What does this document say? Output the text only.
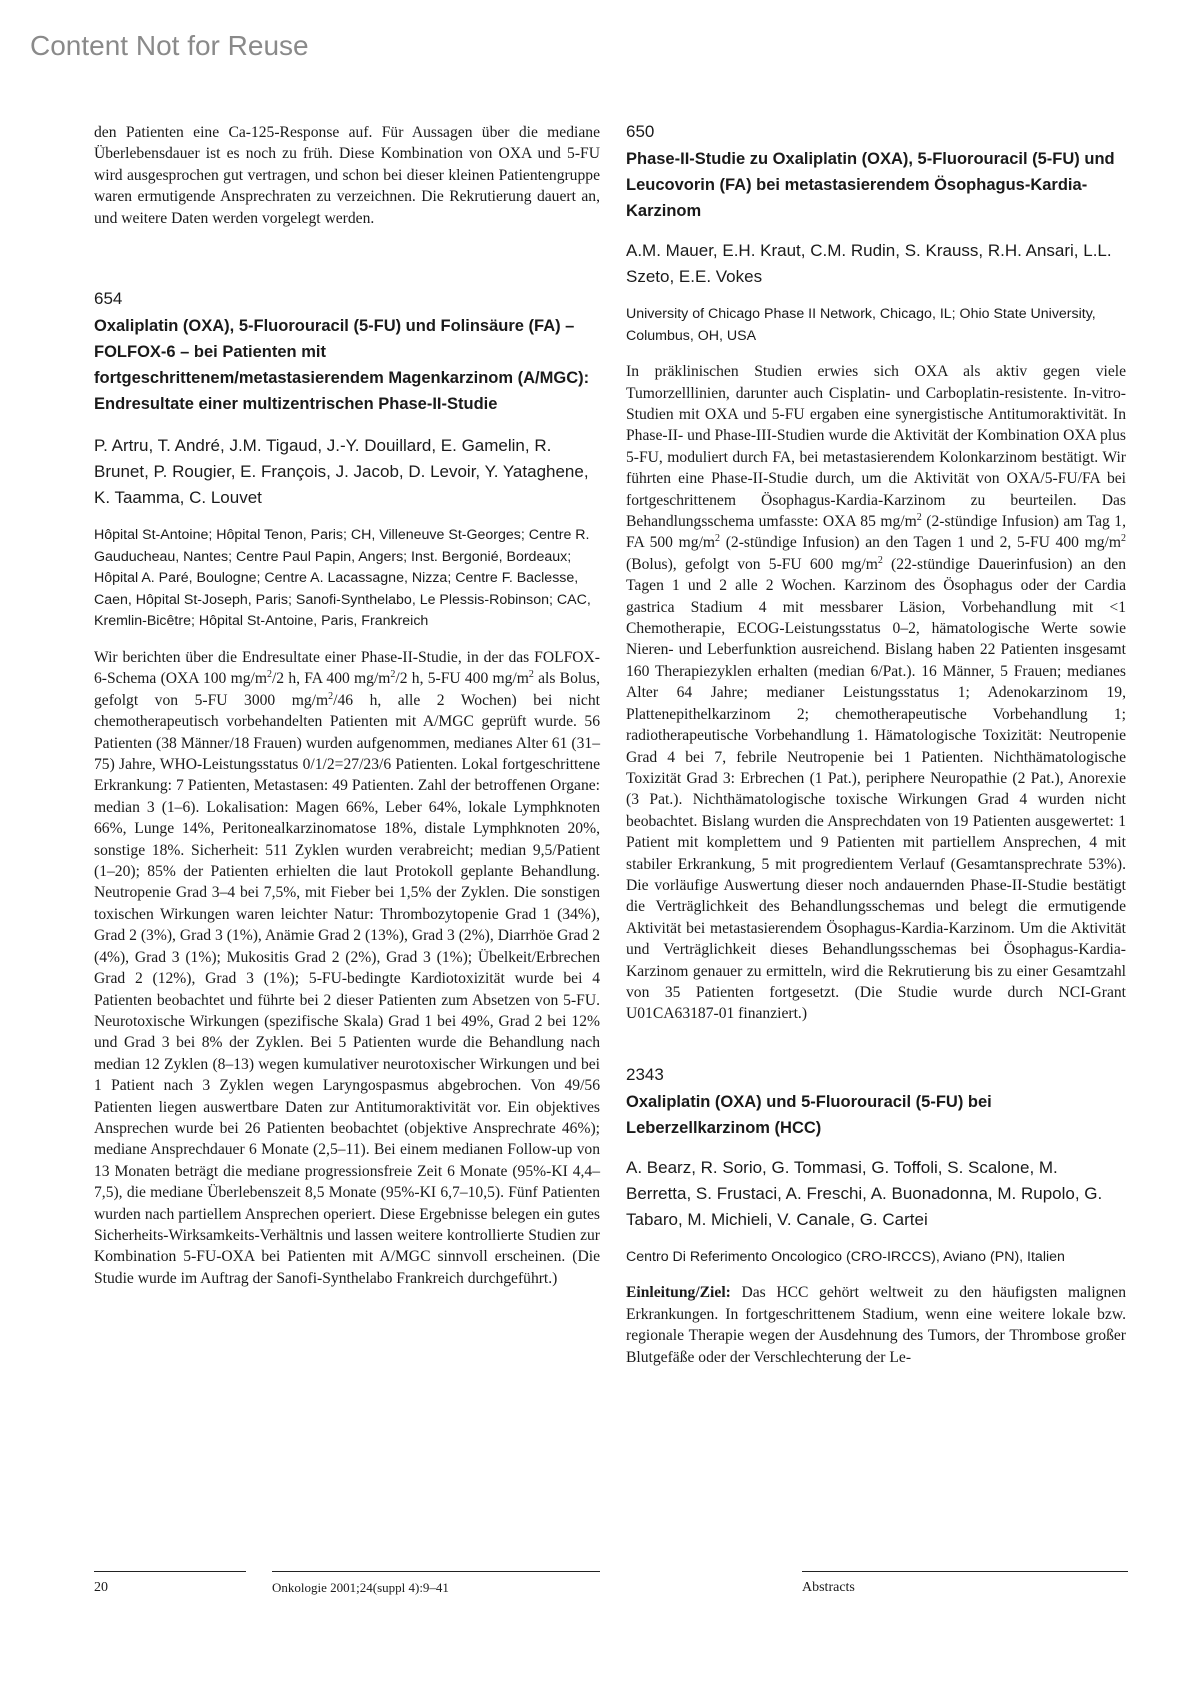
Content Not for Reuse

den Patienten eine Ca-125-Response auf. Für Aussagen über die mediane Überlebensdauer ist es noch zu früh. Diese Kombination von OXA und 5-FU wird ausgesprochen gut vertragen, und schon bei dieser kleinen Patientengruppe waren ermutigende Ansprechraten zu verzeichnen. Die Rekrutierung dauert an, und weitere Daten werden vorgelegt werden.

654

Oxaliplatin (OXA), 5-Fluorouracil (5-FU) und Folinsäure (FA) – FOLFOX-6 – bei Patienten mit fortgeschrittenem/metastasierendem Magenkarzinom (A/MGC): Endresultate einer multizentrischen Phase-II-Studie

P. Artru, T. André, J.M. Tigaud, J.-Y. Douillard, E. Gamelin, R. Brunet, P. Rougier, E. François, J. Jacob, D. Levoir, Y. Yataghene, K. Taamma, C. Louvet

Hôpital St-Antoine; Hôpital Tenon, Paris; CH, Villeneuve St-Georges; Centre R. Gauducheau, Nantes; Centre Paul Papin, Angers; Inst. Bergonié, Bordeaux; Hôpital A. Paré, Boulogne; Centre A. Lacassagne, Nizza; Centre F. Baclesse, Caen, Hôpital St-Joseph, Paris; Sanofi-Synthelabo, Le Plessis-Robinson; CAC, Kremlin-Bicêtre; Hôpital St-Antoine, Paris, Frankreich

Wir berichten über die Endresultate einer Phase-II-Studie, in der das FOLFOX-6-Schema (OXA 100 $mg/m^2/2$ h, FA 400 $mg/m^2/2$ h, 5-FU 400 $mg/m^2$ als Bolus, gefolgt von 5-FU 3000 $mg/m^2/46$ h, alle 2 Wochen) bei nicht chemotherapeutisch vorbehandelten Patienten mit A/MGC geprüft wurde. 56 Patienten (38 Männer/18 Frauen) wurden aufgenommen, medianes Alter 61 (31–75) Jahre, WHO-Leistungsstatus 0/1/2=27/23/6 Patienten. Lokal fortgeschrittene Erkrankung: 7 Patienten, Metastasen: 49 Patienten. Zahl der betroffenen Organe: median 3 (1–6). Lokalisation: Magen 66%, Leber 64%, lokale Lymphknoten 66%, Lunge 14%, Peritonealkarzinomatose 18%, distale Lymphknoten 20%, sonstige 18%. Sicherheit: 511 Zyklen wurden verabreicht; median 9,5/Patient (1–20); 85% der Patienten erhielten die laut Protokoll geplante Behandlung. Neutropenie Grad 3–4 bei 7,5%, mit Fieber bei 1,5% der Zyklen. Die sonstigen toxischen Wirkungen waren leichter Natur: Thrombozytopenie Grad 1 (34%), Grad 2 (3%), Grad 3 (1%), Anämie Grad 2 (13%), Grad 3 (2%), Diarrhöe Grad 2 (4%), Grad 3 (1%); Mukositis Grad 2 (2%), Grad 3 (1%); Übelkeit/Erbrechen Grad 2 (12%), Grad 3 (1%); 5-FU-bedingte Kardiotoxizität wurde bei 4 Patienten beobachtet und führte bei 2 dieser Patienten zum Absetzen von 5-FU. Neurotoxische Wirkungen (spezifische Skala) Grad 1 bei 49%, Grad 2 bei 12% und Grad 3 bei 8% der Zyklen. Bei 5 Patienten wurde die Behandlung nach median 12 Zyklen (8–13) wegen kumulativer neurotoxischer Wirkungen und bei 1 Patient nach 3 Zyklen wegen Laryngospasmus abgebrochen. Von 49/56 Patienten liegen auswertbare Daten zur Antitumoraktivität vor. Ein objektives Ansprechen wurde bei 26 Patienten beobachtet (objektive Ansprechrate 46%); mediane Ansprechdauer 6 Monate (2,5–11). Bei einem medianen Follow-up von 13 Monaten beträgt die mediane progressionsfreie Zeit 6 Monate (95%-KI 4,4–7,5), die mediane Überlebenszeit 8,5 Monate (95%-KI 6,7–10,5). Fünf Patienten wurden nach partiellem Ansprechen operiert. Diese Ergebnisse belegen ein gutes Sicherheits-Wirksamkeits-Verhältnis und lassen weitere kontrollierte Studien zur Kombination 5-FU-OXA bei Patienten mit A/MGC sinnvoll erscheinen. (Die Studie wurde im Auftrag der Sanofi-Synthelabo Frankreich durchgeführt.)

650

Phase-II-Studie zu Oxaliplatin (OXA), 5-Fluorouracil (5-FU) und Leucovorin (FA) bei metastasierendem Ösophagus-Kardia-Karzinom

A.M. Mauer, E.H. Kraut, C.M. Rudin, S. Krauss, R.H. Ansari, L.L. Szeto, E.E. Vokes

University of Chicago Phase II Network, Chicago, IL; Ohio State University, Columbus, OH, USA

In präklinischen Studien erwies sich OXA als aktiv gegen viele Tumorzelllinien, darunter auch Cisplatin- und Carboplatin-resistente. In-vitro-Studien mit OXA und 5-FU ergaben eine synergistische Antitumoraktivität. In Phase-II- und Phase-III-Studien wurde die Aktivität der Kombination OXA plus 5-FU, moduliert durch FA, bei metastasierendem Kolonkarzinom bestätigt. Wir führten eine Phase-II-Studie durch, um die Aktivität von OXA/5-FU/FA bei fortgeschrittenem Ösophagus-Kardia-Karzinom zu beurteilen. Das Behandlungsschema umfasste: OXA 85 $mg/m^2$ (2-stündige Infusion) am Tag 1, FA 500 $mg/m^2$ (2-stündige Infusion) an den Tagen 1 und 2, 5-FU 400 $mg/m^2$ (Bolus), gefolgt von 5-FU 600 $mg/m^2$ (22-stündige Dauerinfusion) an den Tagen 1 und 2 alle 2 Wochen. Karzinom des Ösophagus oder der Cardia gastrica Stadium 4 mit messbarer Läsion, Vorbehandlung mit <1 Chemotherapie, ECOG-Leistungsstatus 0–2, hämatologische Werte sowie Nieren- und Leberfunktion ausreichend. Bislang haben 22 Patienten insgesamt 160 Therapiezyklen erhalten (median 6/Pat.). 16 Männer, 5 Frauen; medianes Alter 64 Jahre; medianer Leistungsstatus 1; Adenokarzinom 19, Plattenepithelkarzinom 2; chemotherapeutische Vorbehandlung 1; radiotherapeutische Vorbehandlung 1. Hämatologische Toxizität: Neutropenie Grad 4 bei 7, febrile Neutropenie bei 1 Patienten. Nichthämatologische Toxizität Grad 3: Erbrechen (1 Pat.), periphere Neuropathie (2 Pat.), Anorexie (3 Pat.). Nichthämatologische toxische Wirkungen Grad 4 wurden nicht beobachtet. Bislang wurden die Ansprechdaten von 19 Patienten ausgewertet: 1 Patient mit komplettem und 9 Patienten mit partiellem Ansprechen, 4 mit stabiler Erkrankung, 5 mit progredientem Verlauf (Gesamtansprechrate 53%). Die vorläufige Auswertung dieser noch andauernden Phase-II-Studie bestätigt die Verträglichkeit des Behandlungsschemas und belegt die ermutigende Aktivität bei metastasierendem Ösophagus-Kardia-Karzinom. Um die Aktivität und Verträglichkeit dieses Behandlungsschemas bei Ösophagus-Kardia-Karzinom genauer zu ermitteln, wird die Rekrutierung bis zu einer Gesamtzahl von 35 Patienten fortgesetzt. (Die Studie wurde durch NCI-Grant U01CA63187-01 finanziert.)

2343

Oxaliplatin (OXA) und 5-Fluorouracil (5-FU) bei Leberzellkarzinom (HCC)

A. Bearz, R. Sorio, G. Tommasi, G. Toffoli, S. Scalone, M. Berretta, S. Frustaci, A. Freschi, A. Buonadonna, M. Rupolo, G. Tabaro, M. Michieli, V. Canale, G. Cartei

Centro Di Referimento Oncologico (CRO-IRCCS), Aviano (PN), Italien

Einleitung/Ziel: Das HCC gehört weltweit zu den häufigsten malignen Erkrankungen. In fortgeschrittenem Stadium, wenn eine weitere lokale bzw. regionale Therapie wegen der Ausdehnung des Tumors, der Thrombose großer Blutgefäße oder der Verschlechterung der Le-

20	Onkologie 2001;24(suppl 4):9–41	Abstracts
